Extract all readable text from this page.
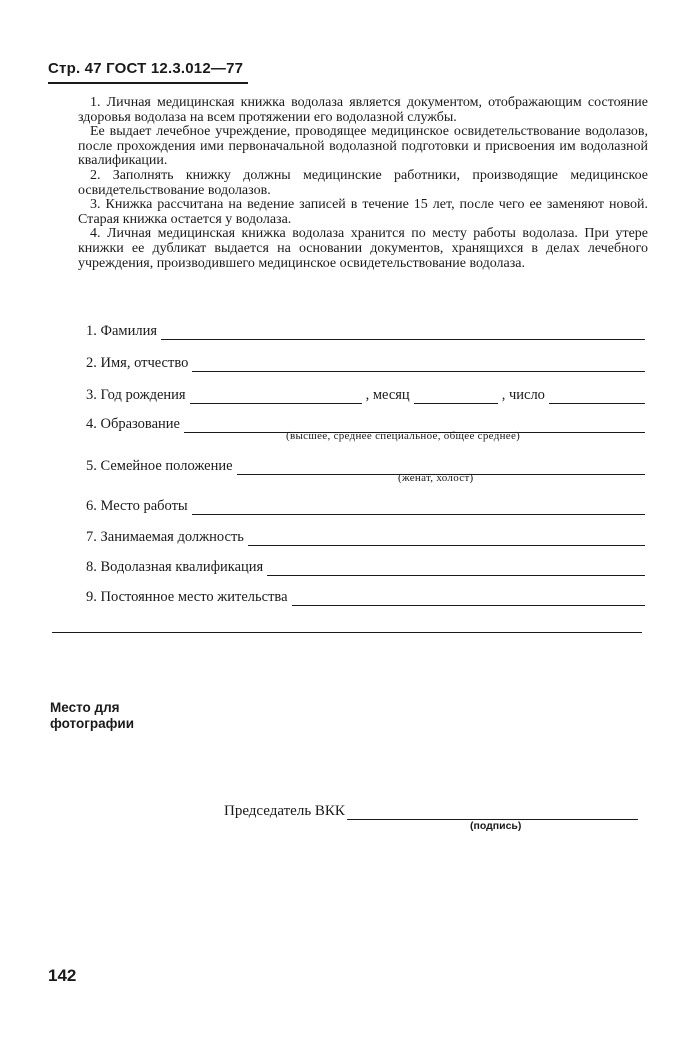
Стр. 47 ГОСТ 12.3.012—77

1. Личная медицинская книжка водолаза является документом, отображающим состояние здоровья водолаза на всем протяжении его водолазной службы.

Ее выдает лечебное учреждение, проводящее медицинское освидетельствование водолазов, после прохождения ими первоначальной водолазной подготовки и присвоения им водолазной квалификации.

2. Заполнять книжку должны медицинские работники, производящие медицинское освидетельствование водолазов.

3. Книжка рассчитана на ведение записей в течение 15 лет, после чего ее заменяют новой. Старая книжка остается у водолаза.

4. Личная медицинская книжка водолаза хранится по месту работы водолаза. При утере книжки ее дубликат выдается на основании документов, хранящихся в делах лечебного учреждения, производившего медицинское освидетельствование водолаза.

1. Фамилия
2. Имя, отчество
3. Год рождения	, месяц	, число
4. Образование
(высшее, среднее специальное, общее среднее)
5. Семейное положение
(женат, холост)
6. Место работы
7. Занимаемая должность
8. Водолазная квалификация
9. Постоянное место жительства
Место для
фотографии
Председатель ВКК
(подпись)
142
